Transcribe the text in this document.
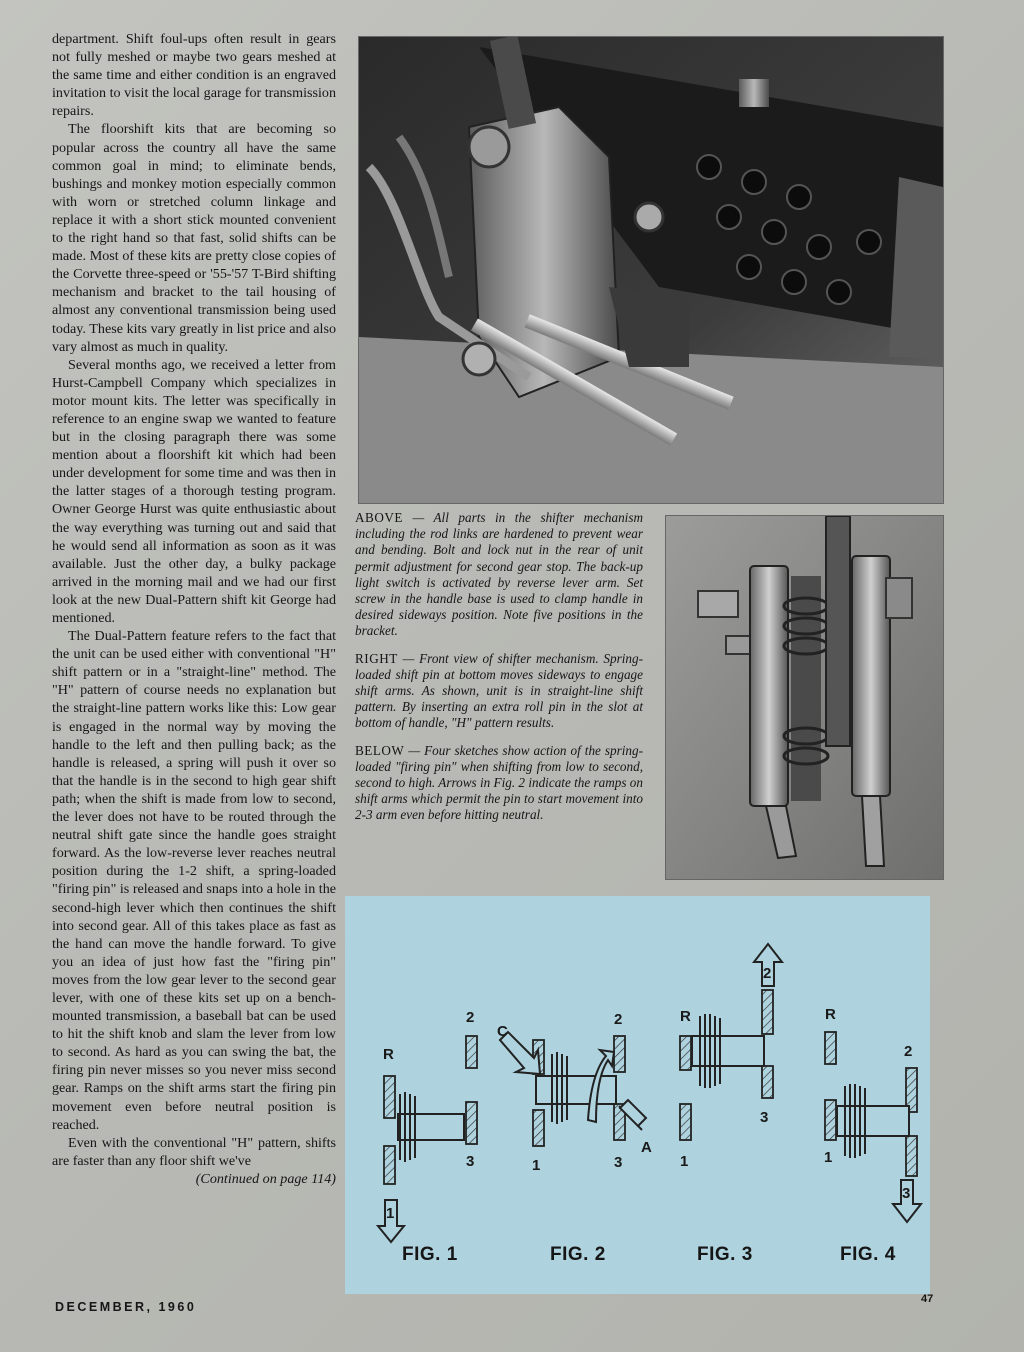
department. Shift foul-ups often result in gears not fully meshed or maybe two gears meshed at the same time and either condition is an engraved invitation to visit the local garage for transmission repairs.

The floorshift kits that are becoming so popular across the country all have the same common goal in mind; to eliminate bends, bushings and monkey motion especially common with worn or stretched column linkage and replace it with a short stick mounted convenient to the right hand so that fast, solid shifts can be made. Most of these kits are pretty close copies of the Corvette three-speed or '55-'57 T-Bird shifting mechanism and bracket to the tail housing of almost any conventional transmission being used today. These kits vary greatly in list price and also vary almost as much in quality.

Several months ago, we received a letter from Hurst-Campbell Company which specializes in motor mount kits. The letter was specifically in reference to an engine swap we wanted to feature but in the closing paragraph there was some mention about a floorshift kit which had been under development for some time and was then in the latter stages of a thorough testing program. Owner George Hurst was quite enthusiastic about the way everything was turning out and said that he would send all information as soon as it was available. Just the other day, a bulky package arrived in the morning mail and we had our first look at the new Dual-Pattern shift kit George had mentioned.

The Dual-Pattern feature refers to the fact that the unit can be used either with conventional "H" shift pattern or in a "straight-line" method. The "H" pattern of course needs no explanation but the straight-line pattern works like this: Low gear is engaged in the normal way by moving the handle to the left and then pulling back; as the handle is released, a spring will push it over so that the handle is in the second to high gear shift path; when the shift is made from low to second, the lever does not have to be routed through the neutral shift gate since the handle goes straight forward. As the low-reverse lever reaches neutral position during the 1-2 shift, a spring-loaded "firing pin" is released and snaps into a hole in the second-high lever which then continues the shift into second gear. All of this takes place as fast as the hand can move the handle forward. To give you an idea of just how fast the "firing pin" moves from the low gear lever to the second gear lever, with one of these kits set up on a bench-mounted transmission, a baseball bat can be used to hit the shift knob and slam the lever from low to second. As hard as you can swing the bat, the firing pin never misses so you never miss second gear. Ramps on the shift arms start the firing pin movement even before neutral position is reached.

Even with the conventional "H" pattern, shifts are faster than any floor shift we've

(Continued on page 114)

ABOVE — All parts in the shifter mechanism including the rod links are hardened to prevent wear and bending. Bolt and lock nut in the rear of unit permit adjustment for second gear stop. The back-up light switch is activated by reverse lever arm. Set screw in the handle base is used to clamp handle in desired sideways position. Note five positions in the bracket.

RIGHT — Front view of shifter mechanism. Spring-loaded shift pin at bottom moves sideways to engage shift arms. As shown, unit is in straight-line shift pattern. By inserting an extra roll pin in the slot at bottom of handle, "H" pattern results.

BELOW — Four sketches show action of the spring-loaded "firing pin" when shifting from low to second, second to high. Arrows in Fig. 2 indicate the ramps on shift arms which permit the pin to start movement into 2-3 arm even before hitting neutral.

R
2
3
1
C
2
1	3
A
R
2
1
3
R
2
1
3
FIG. 1	FIG. 2	FIG. 3	FIG. 4
DECEMBER, 1960
47
